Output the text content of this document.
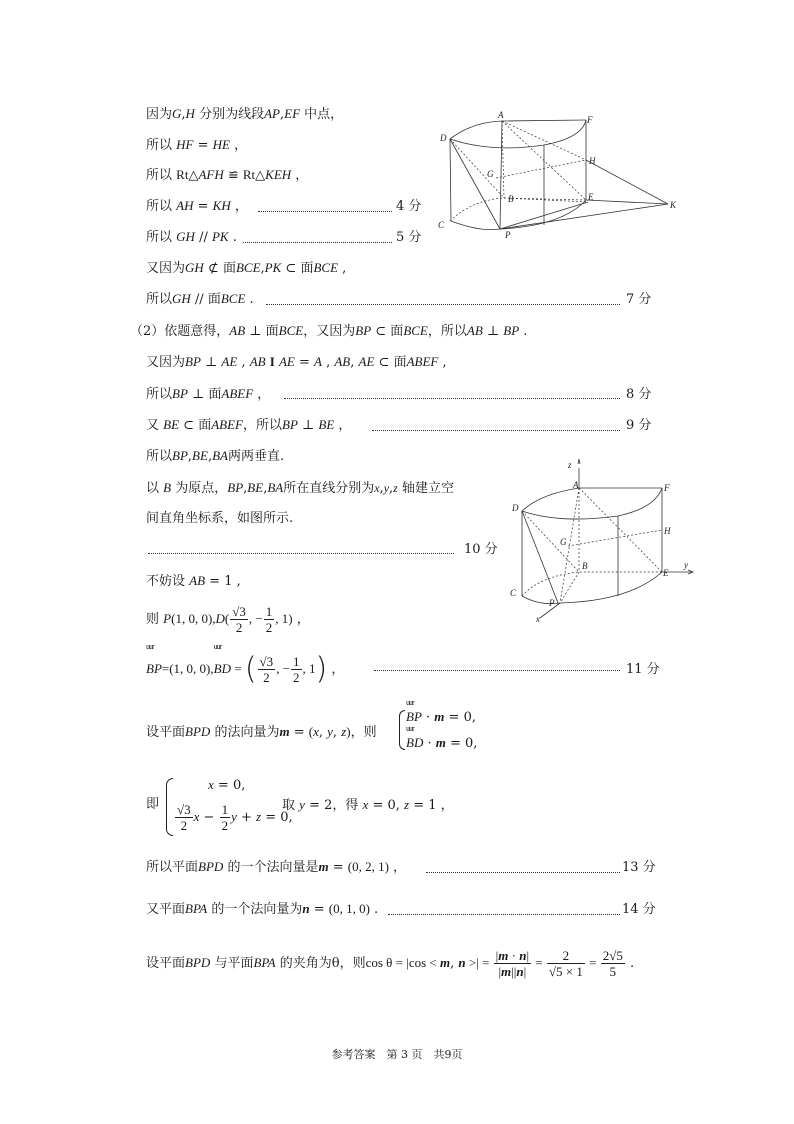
A	F
D
H
G
B	E
K
C
P
因为G,H 分别为线段AP,EF 中点，
所以 HF = HE ，
所以 Rt△AFH ≌ Rt△KEH ，
所以 AH = KH ，	4 分
所以 GH // PK .	5 分
又因为GH ⊄ 面BCE,PK ⊂ 面BCE ,
所以GH // 面BCE .	7 分
（2）依题意得，AB ⊥ 面BCE，又因为BP ⊂ 面BCE，所以AB ⊥ BP .
又因为BP ⊥ AE , AB I AE = A , AB, AE ⊂ 面ABEF ,
所以BP ⊥ 面ABEF ，	8 分
又 BE ⊂ 面ABEF，所以BP ⊥ BE ，	9 分
所以BP,BE,BA两两垂直.
z
A	F
D
H
G
B
E
y
C
P
x
以 B 为原点，BP,BE,BA所在直线分别为x,y,z 轴建立空
间直角坐标系，如图所示.
10 分
不妨设 AB = 1 ,
则 P(1, 0, $0),D( \frac{√3}{2}$ , − $\frac{1}{2}$ , 1) ，
uur
BP=(1, 0, 0),
uur
BD = ( $\frac{√3}{2}$ , − $\frac{1}{2}$ , 1) ，	11 分
设平面BPD 的法向量为m = (x, y, z)，则
uur
BP · m = 0,
uur
BD · m = 0,
即
x = 0,
$\frac{√3}{2}$ $x - \frac{1}{2}$ y + z = 0,
取 y = 2，得 x = 0, z = 1 ，
所以平面BPD 的一个法向量是m = (0, 2, 1) ，	13 分
又平面BPA 的一个法向量为n = (0, 1, 0) .	14 分
设平面BPD 与平面BPA 的夹角为θ，则cos θ = |cos < m, n >| = $\frac{|m \cdot n|}{|m||n|} = \frac{2}{√5 \times 1} = \frac{2√5}{5}$ .
参考答案　第 3 页　共9页
